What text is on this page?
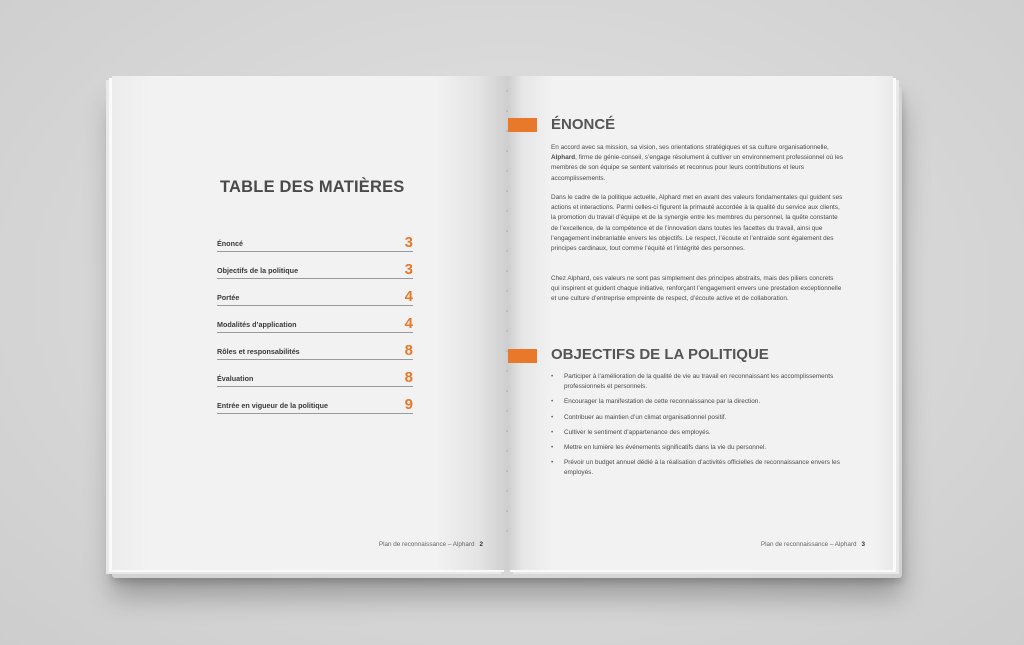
TABLE DES MATIÈRES
Énoncé	3
Objectifs de la politique	3
Portée	4
Modalités d’application	4
Rôles et responsabilités	8
Évaluation	8
Entrée en vigueur de la politique	9
Plan de reconnaissance – Alphard 2
ÉNONCÉ

En accord avec sa mission, sa vision, ses orientations stratégiques et sa culture organisationnelle, Alphard, firme de génie-conseil, s’engage résolument à cultiver un environnement professionnel où les membres de son équipe se sentent valorisés et reconnus pour leurs contributions et leurs accomplissements.

Dans le cadre de la politique actuelle, Alphard met en avant des valeurs fondamentales qui guident ses actions et interactions. Parmi celles-ci figurent la primauté accordée à la qualité du service aux clients, la promotion du travail d’équipe et de la synergie entre les membres du personnel, la quête constante de l’excellence, de la compétence et de l’innovation dans toutes les facettes du travail, ainsi que l’engagement inébranlable envers les objectifs. Le respect, l’écoute et l’entraide sont également des principes cardinaux, tout comme l’équité et l’intégrité des personnes.

Chez Alphard, ces valeurs ne sont pas simplement des principes abstraits, mais des piliers concrets qui inspirent et guident chaque initiative, renforçant l’engagement envers une prestation exceptionnelle et une culture d’entreprise empreinte de respect, d’écoute active et de collaboration.

OBJECTIFS DE LA POLITIQUE
• Participer à l’amélioration de la qualité de vie au travail en reconnaissant les accomplissements professionnels et personnels.
• Encourager la manifestation de cette reconnaissance par la direction.
• Contribuer au maintien d’un climat organisationnel positif.
• Cultiver le sentiment d’appartenance des employés.
• Mettre en lumière les événements significatifs dans la vie du personnel.
• Prévoir un budget annuel dédié à la réalisation d’activités officielles de reconnaissance envers les employés.
Plan de reconnaissance – Alphard 3
